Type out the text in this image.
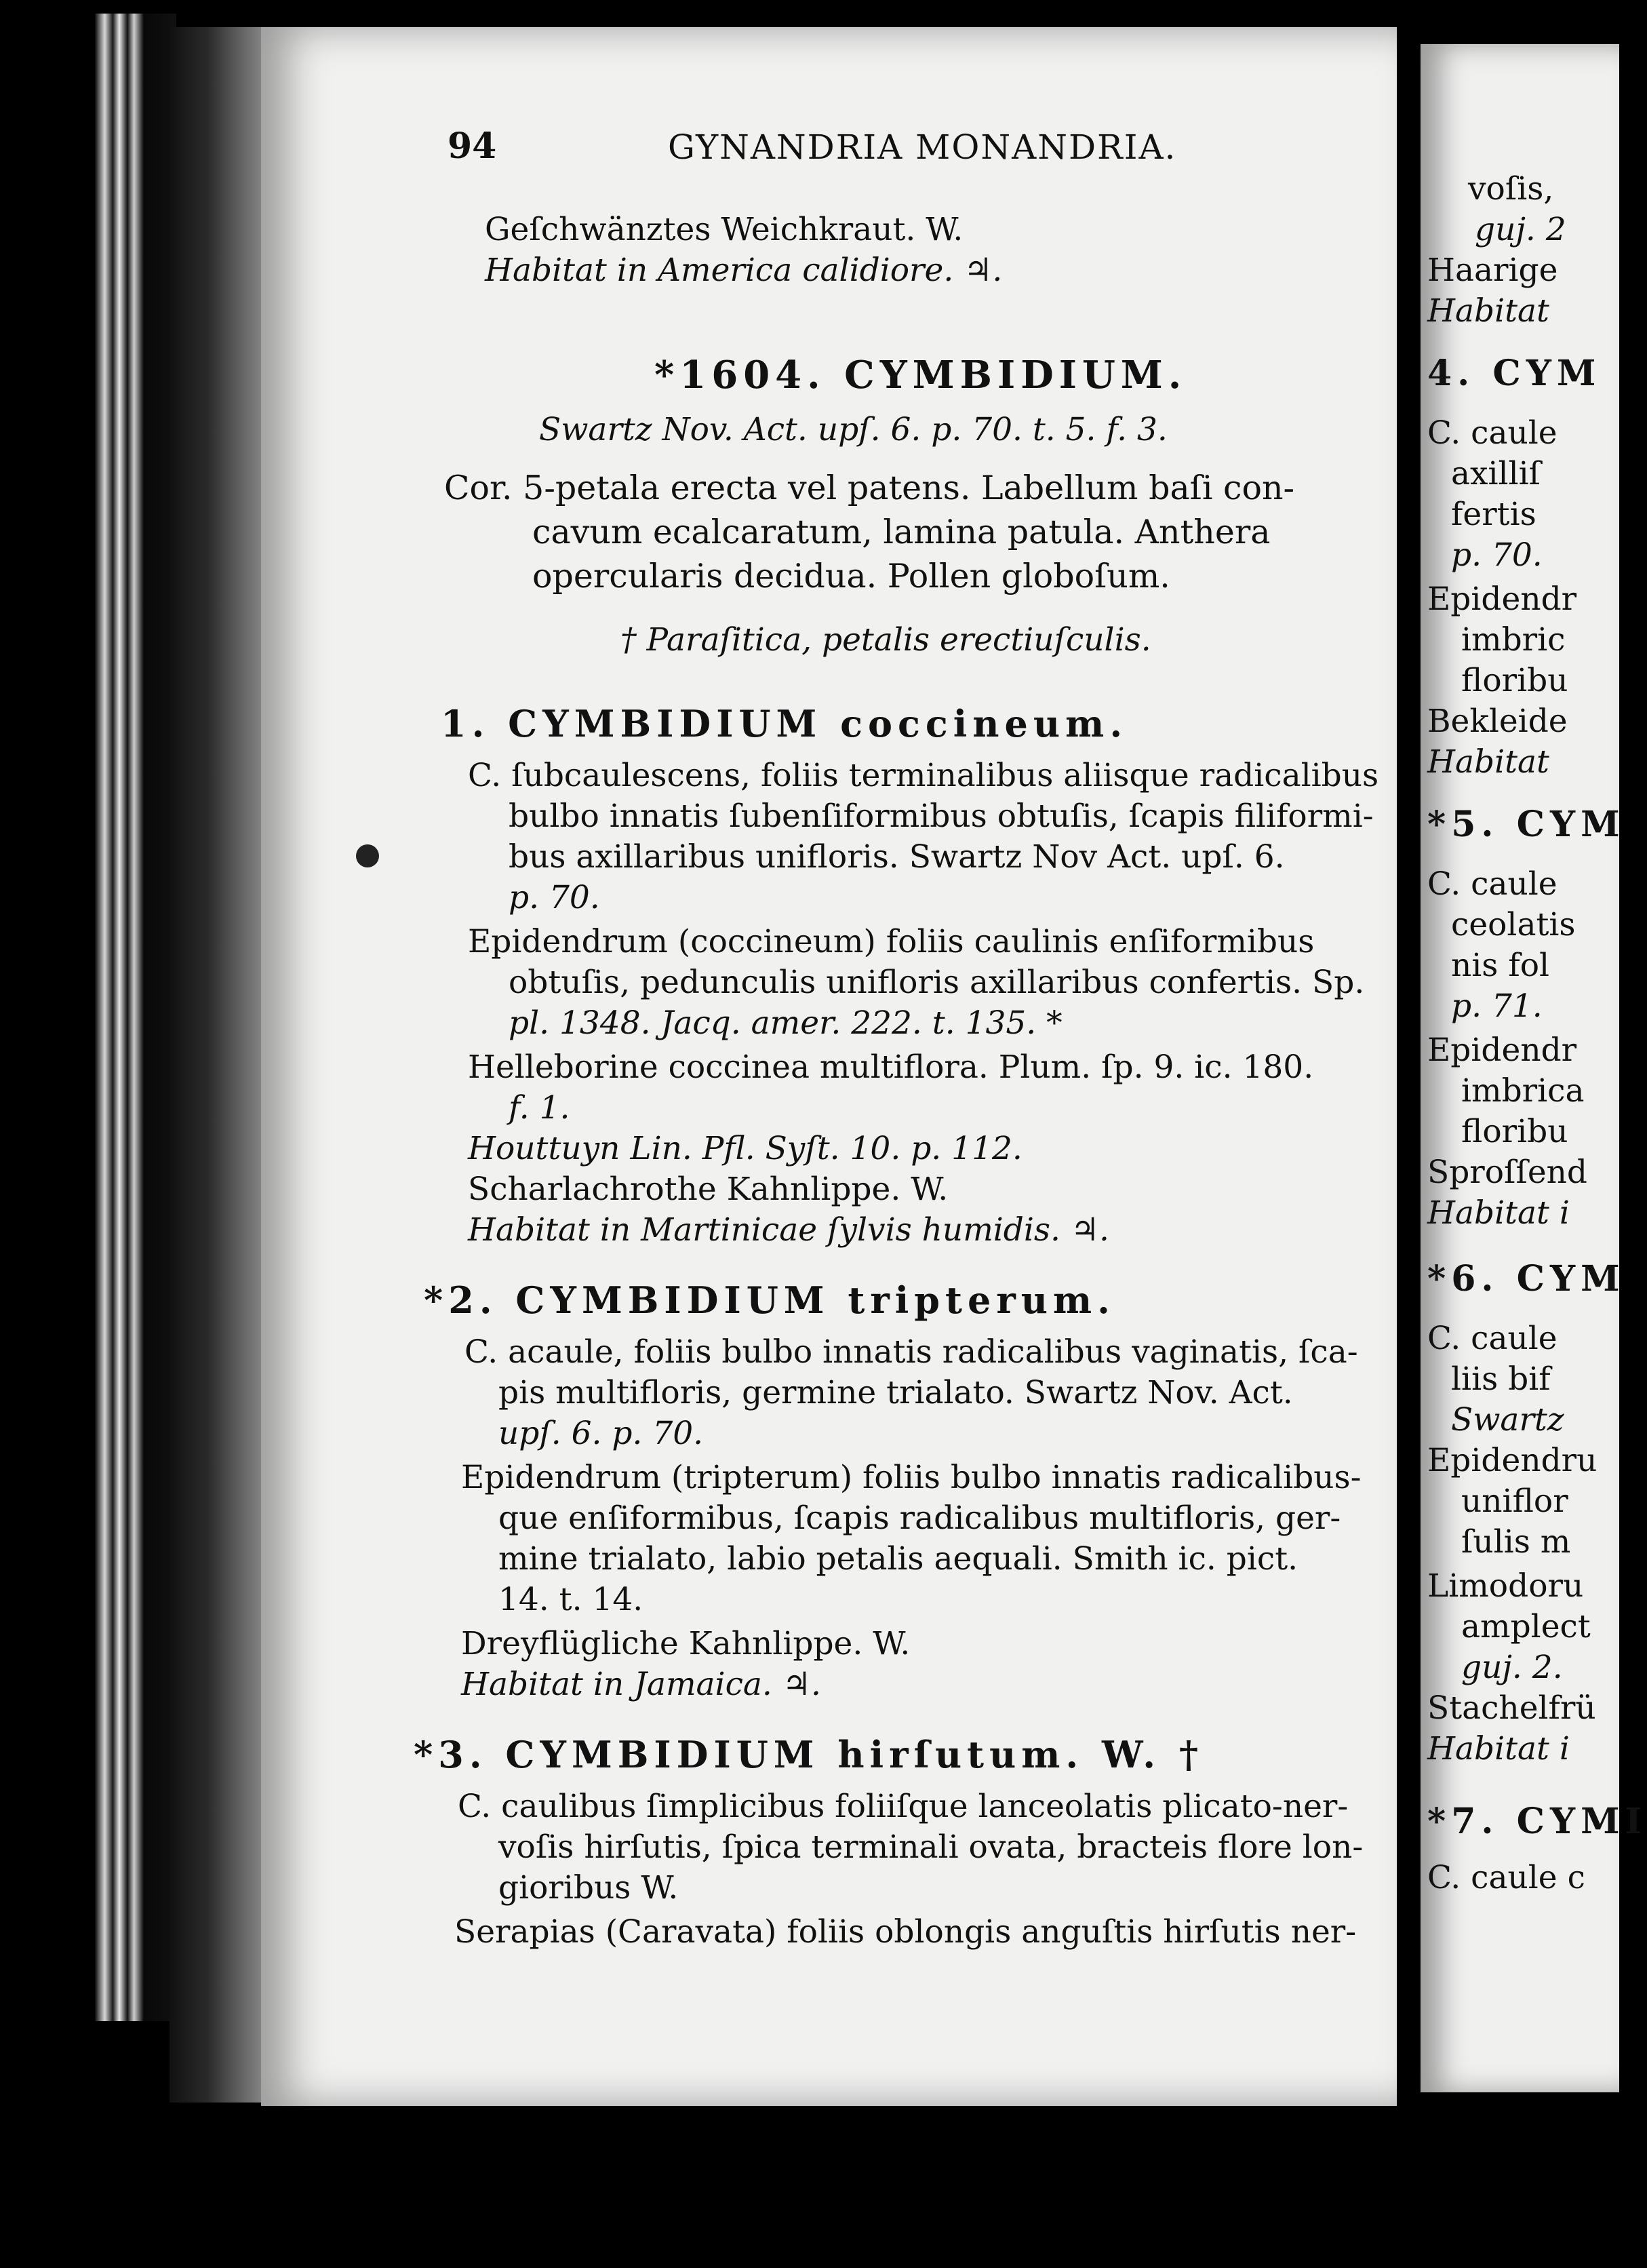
94	GYNANDRIA MONANDRIA.
Geſchwänztes Weichkraut. W.
Habitat in America calidiore. ♃.
*1604. CYMBIDIUM.
Swartz Nov. Act. upſ. 6. p. 70. t. 5. f. 3.
Cor. 5-petala erecta vel patens. Labellum baſi con-
cavum ecalcaratum, lamina patula. Anthera
opercularis decidua. Pollen globoſum.
† Paraſitica, petalis erectiuſculis.
1. CYMBIDIUM coccineum.
C. ſubcaulescens, foliis terminalibus aliisque radicalibus
bulbo innatis ſubenſiformibus obtuſis, ſcapis filiformi-
bus axillaribus unifloris. Swartz Nov Act. upſ. 6.
p. 70.
Epidendrum (coccineum) foliis caulinis enſiformibus
obtuſis, pedunculis unifloris axillaribus confertis. Sp.
pl. 1348. Jacq. amer. 222. t. 135. *
Helleborine coccinea multiflora. Plum. ſp. 9. ic. 180.
f. 1.
Houttuyn Lin. Pfl. Syſt. 10. p. 112.
Scharlachrothe Kahnlippe. W.
Habitat in Martinicae ſylvis humidis. ♃.
*2. CYMBIDIUM tripterum.
C. acaule, foliis bulbo innatis radicalibus vaginatis, ſca-
pis multifloris, germine trialato. Swartz Nov. Act.
upſ. 6. p. 70.
Epidendrum (tripterum) foliis bulbo innatis radicalibus-
que enſiformibus, ſcapis radicalibus multifloris, ger-
mine trialato, labio petalis aequali. Smith ic. pict.
14. t. 14.
Dreyflügliche Kahnlippe. W.
Habitat in Jamaica. ♃.
*3. CYMBIDIUM hirſutum. W. †
C. caulibus ſimplicibus foliiſque lanceolatis plicato-ner-
voſis hirſutis, ſpica terminali ovata, bracteis flore lon-
gioribus W.
Serapias (Caravata) foliis oblongis anguſtis hirſutis ner-
voſis,
guj. 2
Haarige
Habitat
4. CYM
C. caule
axilliſ
fertis
p. 70.
Epidendr
imbric
floribu
Bekleide
Habitat
*5. CYM
C. caule
ceolatis
nis fol
p. 71.
Epidendr
imbrica
floribu
Sproſſend
Habitat i
*6. CYM
C. caule
liis bif
Swartz
Epidendru
uniflor
ſulis m
Limodoru
amplect
guj. 2.
Stachelfrü
Habitat i
*7. CYMI
C. caule c
